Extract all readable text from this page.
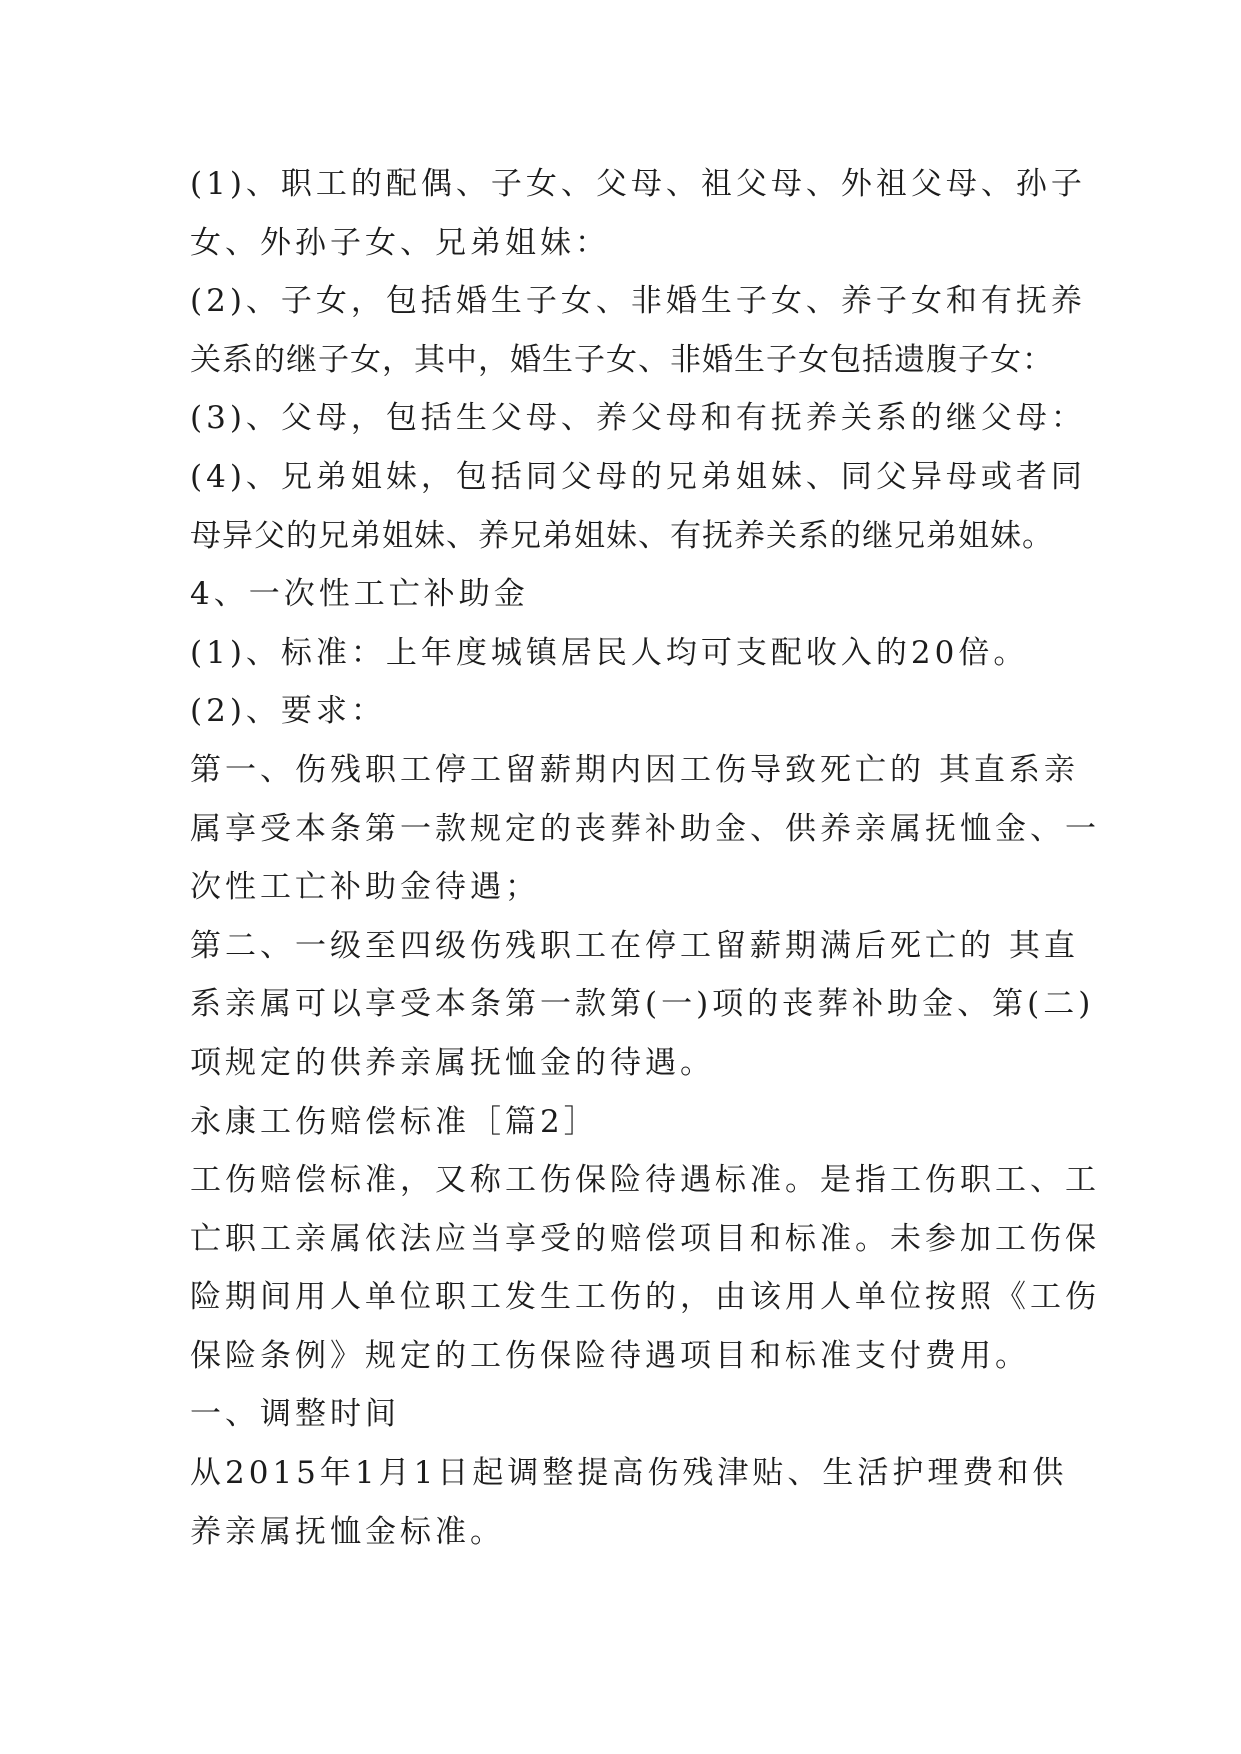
(1)、职工的配偶、子女、父母、祖父母、外祖父母、孙子
女、外孙子女、兄弟姐妹：
(2)、子女，包括婚生子女、非婚生子女、养子女和有抚养
关系的继子女，其中，婚生子女、非婚生子女包括遗腹子女：
(3)、父母，包括生父母、养父母和有抚养关系的继父母：
(4)、兄弟姐妹，包括同父母的兄弟姐妹、同父异母或者同
母异父的兄弟姐妹、养兄弟姐妹、有抚养关系的继兄弟姐妹。
4、一次性工亡补助金
(1)、标准：上年度城镇居民人均可支配收入的20倍。
(2)、要求：
第一、伤残职工停工留薪期内因工伤导致死亡的 其直系亲
属享受本条第一款规定的丧葬补助金、供养亲属抚恤金、一
次性工亡补助金待遇；
第二、一级至四级伤残职工在停工留薪期满后死亡的 其直
系亲属可以享受本条第一款第(一)项的丧葬补助金、第(二)
项规定的供养亲属抚恤金的待遇。
永康工伤赔偿标准［篇2］
工伤赔偿标准，又称工伤保险待遇标准。是指工伤职工、工
亡职工亲属依法应当享受的赔偿项目和标准。未参加工伤保
险期间用人单位职工发生工伤的，由该用人单位按照《工伤
保险条例》规定的工伤保险待遇项目和标准支付费用。
一、调整时间
从2015年1月1日起调整提高伤残津贴、生活护理费和供
养亲属抚恤金标准。
